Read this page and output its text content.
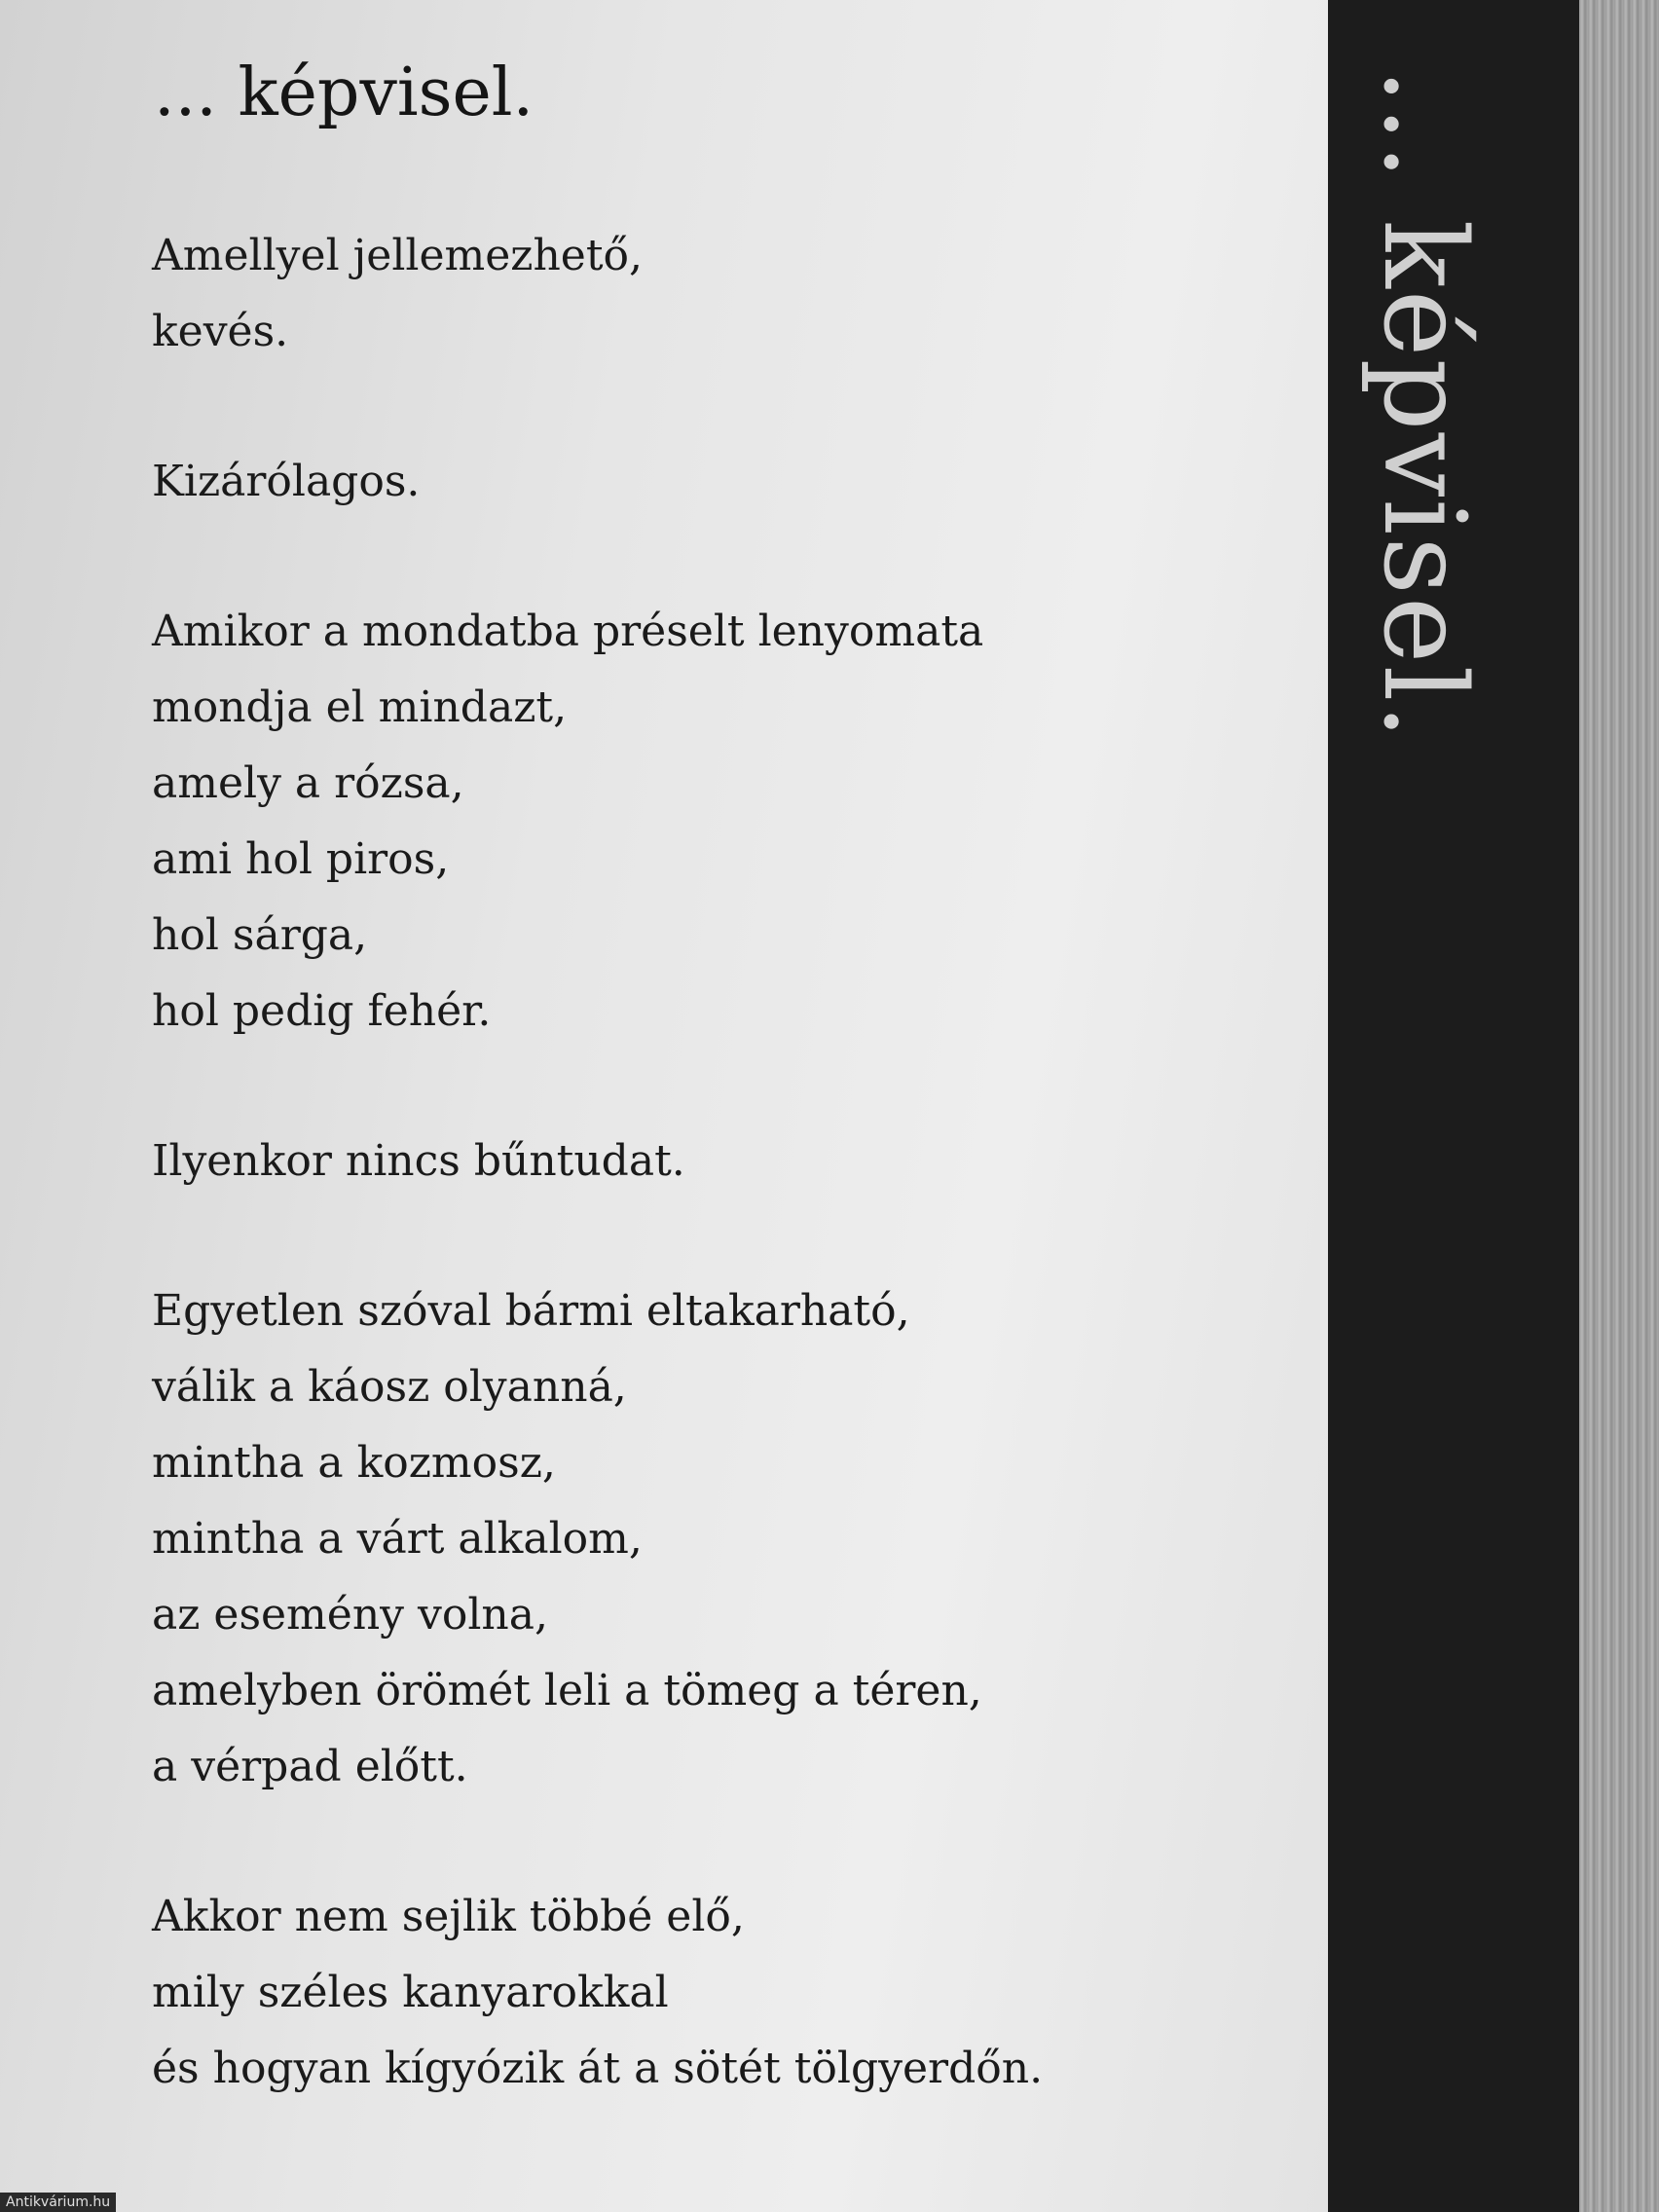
... képvisel.
Amellyel jellemezhető,
kevés.
Kizárólagos.
Amikor a mondatba préselt lenyomata
mondja el mindazt,
amely a rózsa,
ami hol piros,
hol sárga,
hol pedig fehér.
Ilyenkor nincs bűntudat.
Egyetlen szóval bármi eltakarható,
válik a káosz olyanná,
mintha a kozmosz,
mintha a várt alkalom,
az esemény volna,
amelyben örömét leli a tömeg a téren,
a vérpad előtt.
Akkor nem sejlik többé elő,
mily széles kanyarokkal
és hogyan kígyózik át a sötét tölgyerdőn.
... képvisel.
Antikvárium.hu
